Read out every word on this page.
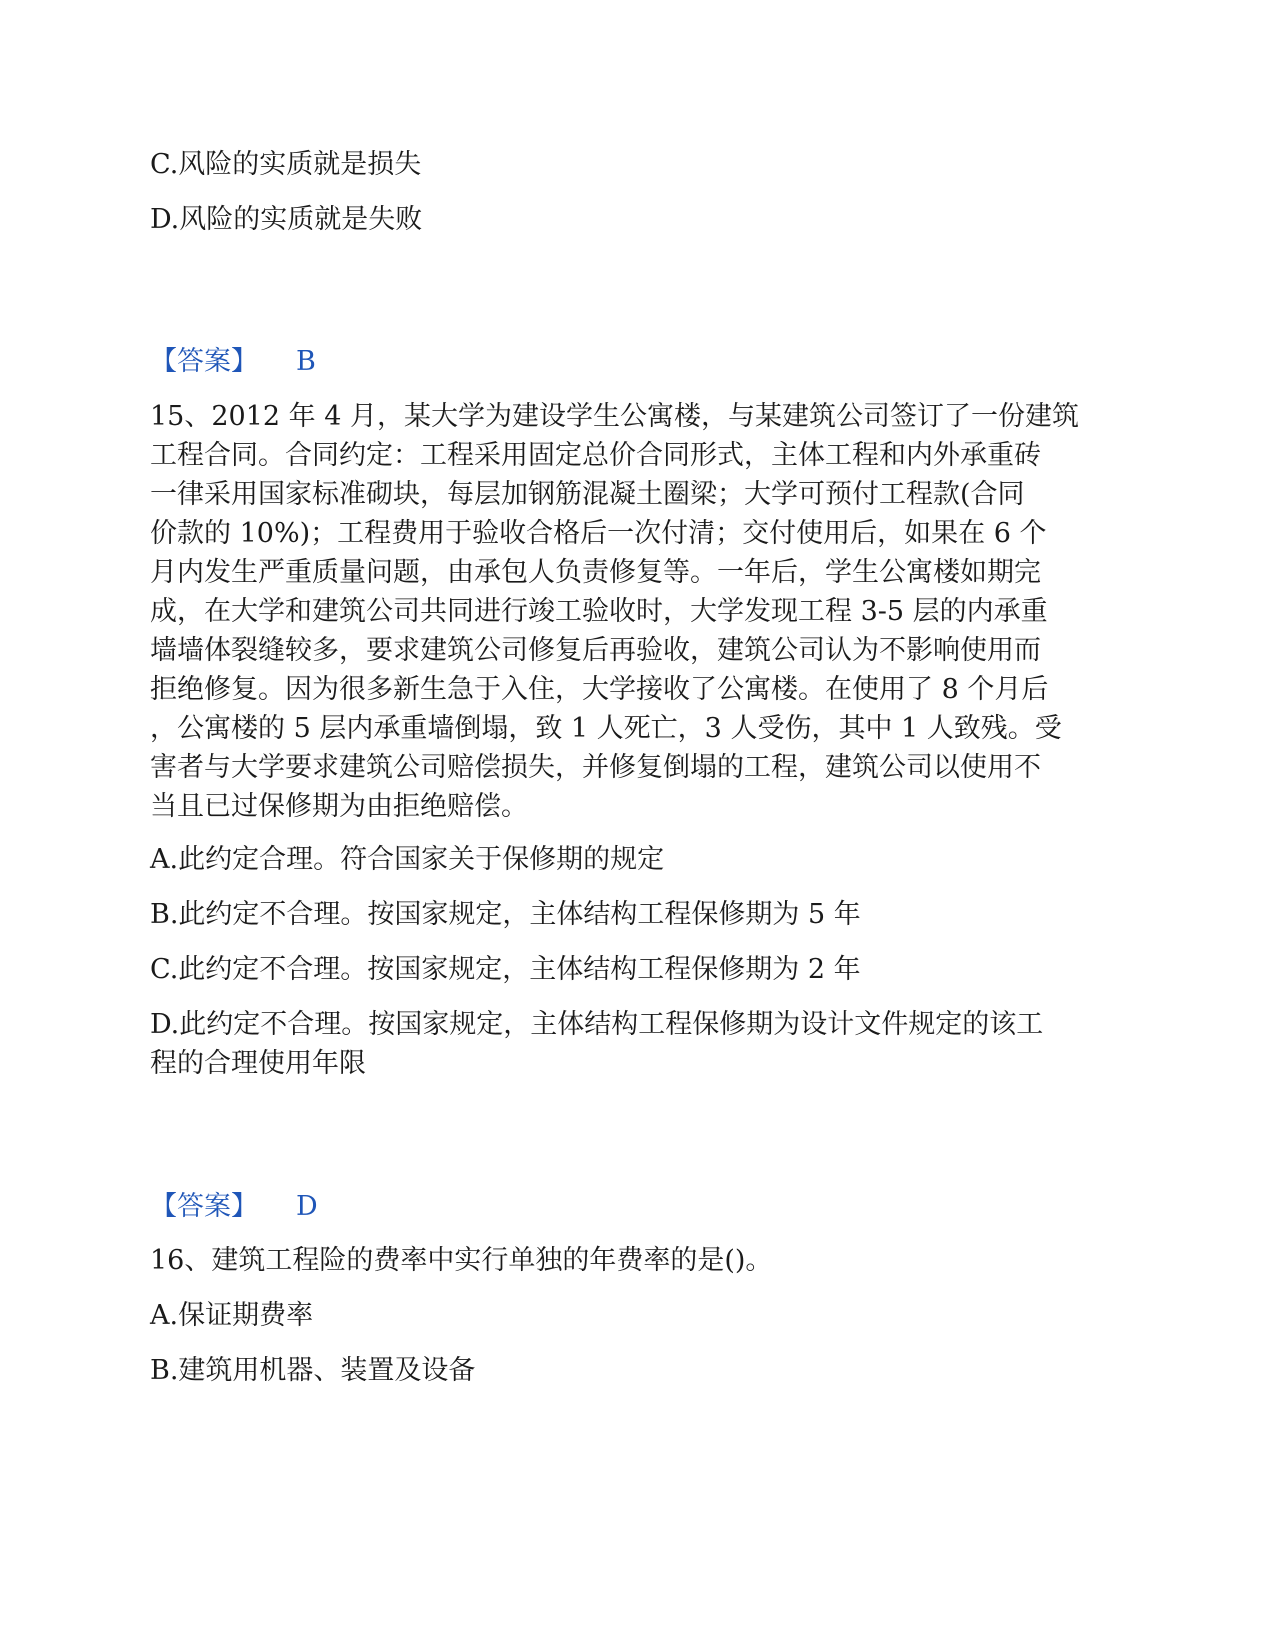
C.风险的实质就是损失
D.风险的实质就是失败
【答案】 B
15、2012 年 4 月，某大学为建设学生公寓楼，与某建筑公司签订了一份建筑
工程合同。合同约定：工程采用固定总价合同形式，主体工程和内外承重砖
一律采用国家标准砌块，每层加钢筋混凝土圈梁；大学可预付工程款(合同
价款的 10%)；工程费用于验收合格后一次付清；交付使用后，如果在 6 个
月内发生严重质量问题，由承包人负责修复等。一年后，学生公寓楼如期完
成，在大学和建筑公司共同进行竣工验收时，大学发现工程 3-5 层的内承重
墙墙体裂缝较多，要求建筑公司修复后再验收，建筑公司认为不影响使用而
拒绝修复。因为很多新生急于入住，大学接收了公寓楼。在使用了 8 个月后
，公寓楼的 5 层内承重墙倒塌，致 1 人死亡，3 人受伤，其中 1 人致残。受
害者与大学要求建筑公司赔偿损失，并修复倒塌的工程，建筑公司以使用不
当且已过保修期为由拒绝赔偿。
A.此约定合理。符合国家关于保修期的规定
B.此约定不合理。按国家规定，主体结构工程保修期为 5 年
C.此约定不合理。按国家规定，主体结构工程保修期为 2 年
D.此约定不合理。按国家规定，主体结构工程保修期为设计文件规定的该工
程的合理使用年限
【答案】 D
16、建筑工程险的费率中实行单独的年费率的是()。
A.保证期费率
B.建筑用机器、装置及设备
